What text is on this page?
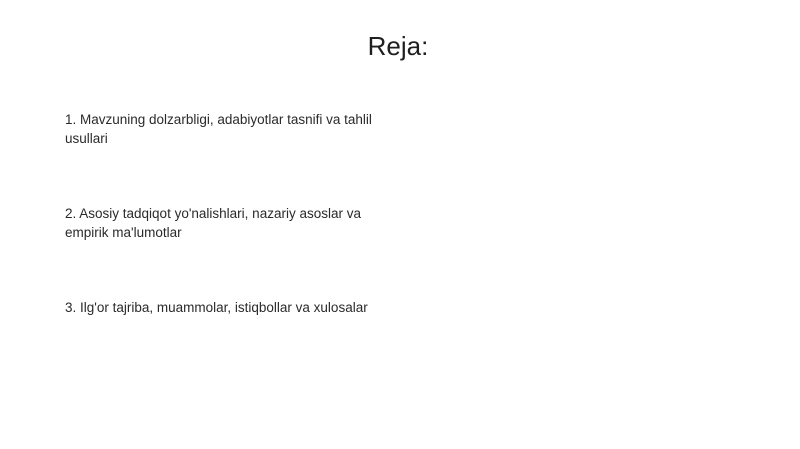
Reja:
1. Mavzuning dolzarbligi, adabiyotlar tasnifi va tahlil usullari
2. Asosiy tadqiqot yo'nalishlari, nazariy asoslar va empirik ma'lumotlar
3. Ilg'or tajriba, muammolar, istiqbollar va xulosalar
